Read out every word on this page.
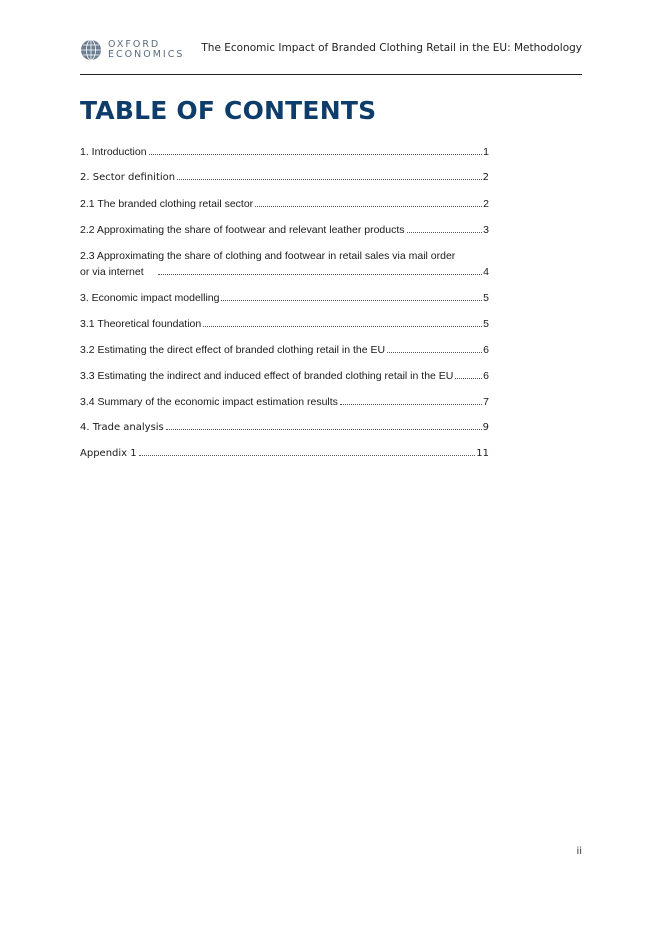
OXFORD
ECONOMICS
The Economic Impact of Branded Clothing Retail in the EU: Methodology
TABLE OF CONTENTS
1. Introduction	1
2. Sector definition	2
2.1 The branded clothing retail sector	2
2.2 Approximating the share of footwear and relevant leather products	3
2.3 Approximating the share of clothing and footwear in retail sales via mail order
or via internet	4
3. Economic impact modelling	5
3.1 Theoretical foundation	5
3.2 Estimating the direct effect of branded clothing retail in the EU	6
3.3 Estimating the indirect and induced effect of branded clothing retail in the EU	6
3.4 Summary of the economic impact estimation results	7
4. Trade analysis	9
Appendix 1	11
ii
